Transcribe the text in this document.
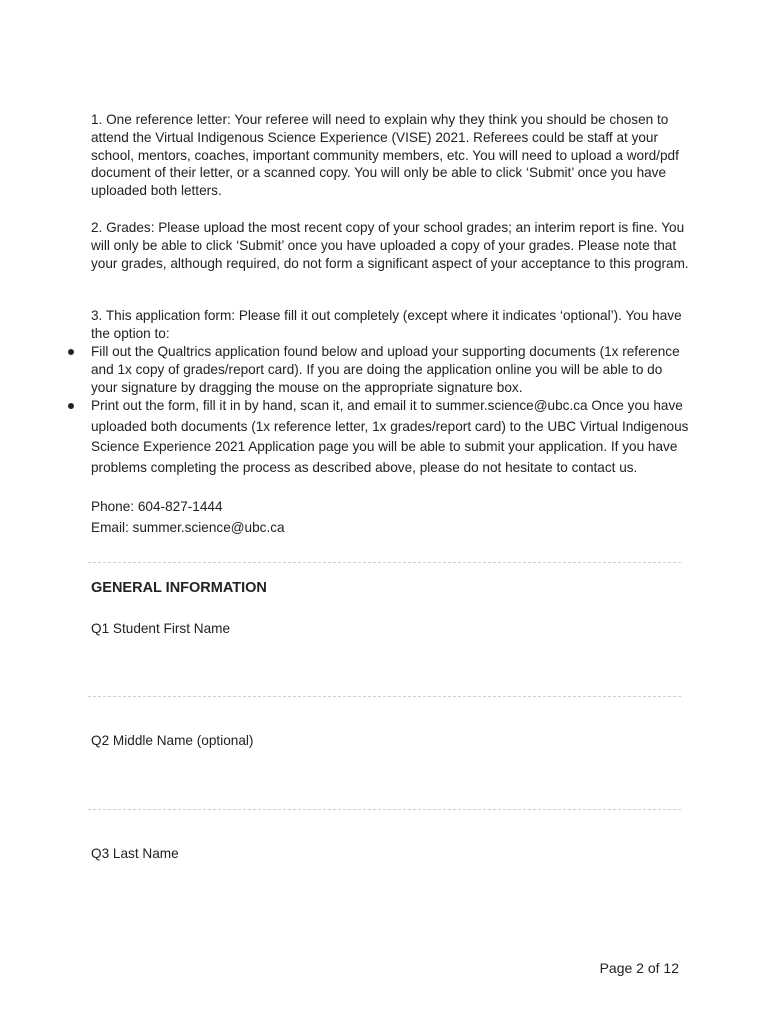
1. One reference letter: Your referee will need to explain why they think you should be chosen to attend the Virtual Indigenous Science Experience (VISE) 2021. Referees could be staff at your school, mentors, coaches, important community members, etc. You will need to upload a word/pdf document of their letter, or a scanned copy. You will only be able to click ‘Submit’ once you have uploaded both letters.

2. Grades: Please upload the most recent copy of your school grades; an interim report is fine. You will only be able to click ‘Submit’ once you have uploaded a copy of your grades. Please note that your grades, although required, do not form a significant aspect of your acceptance to this program.

3. This application form: Please fill it out completely (except where it indicates ‘optional’). You have the option to:

Fill out the Qualtrics application found below and upload your supporting documents (1x reference and 1x copy of grades/report card). If you are doing the application online you will be able to do your signature by dragging the mouse on the appropriate signature box.

Print out the form, fill it in by hand, scan it, and email it to summer.science@ubc.ca Once you have uploaded both documents (1x reference letter, 1x grades/report card) to the UBC Virtual Indigenous Science Experience 2021 Application page you will be able to submit your application. If you have problems completing the process as described above, please do not hesitate to contact us.

Phone: 604-827-1444

Email: summer.science@ubc.ca

GENERAL INFORMATION

Q1 Student First Name

Q2 Middle Name (optional)

Q3 Last Name

Page 2 of 12
